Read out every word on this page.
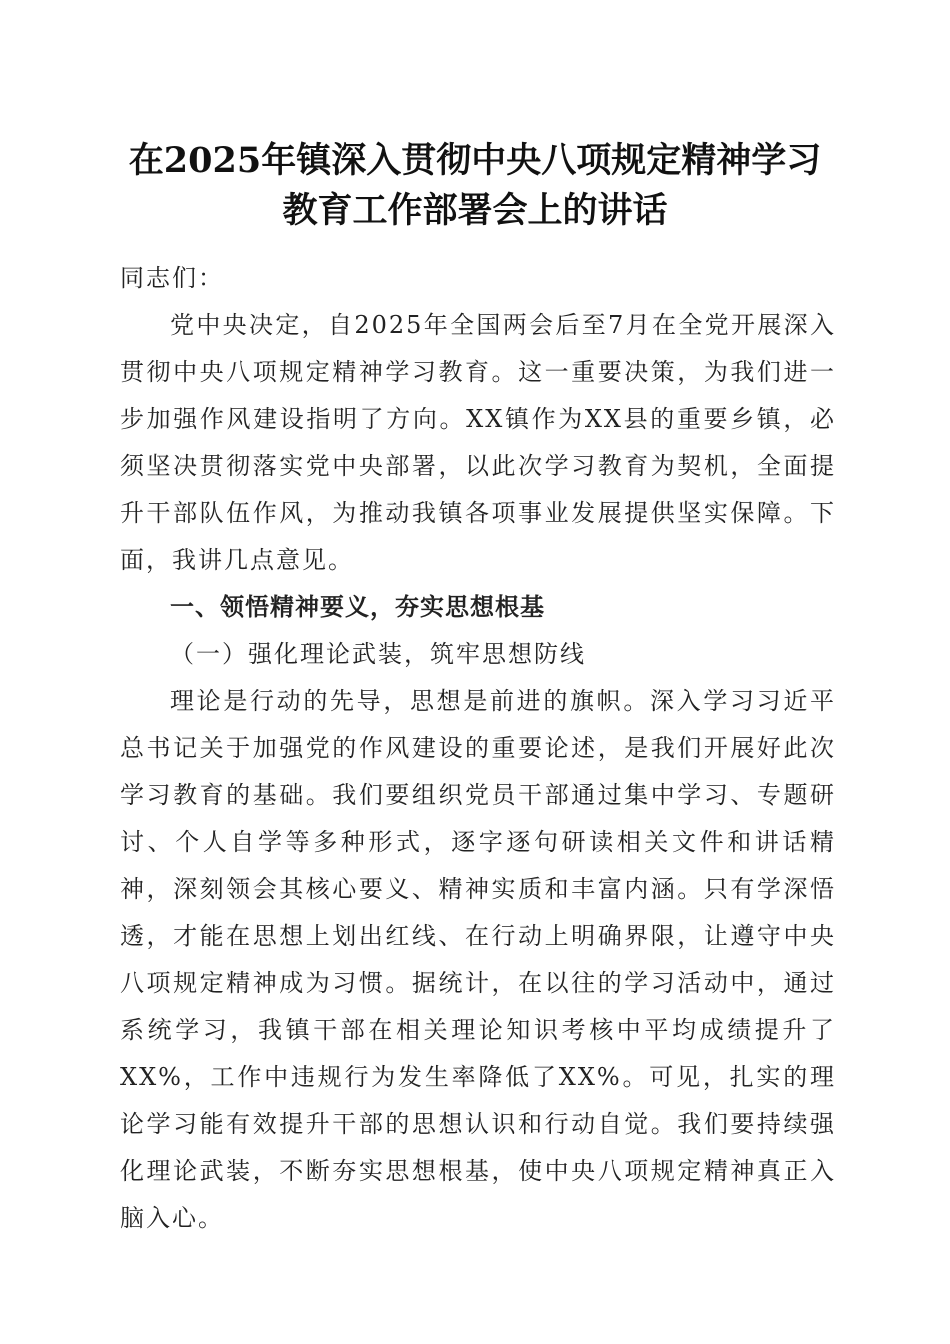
在2025年镇深入贯彻中央八项规定精神学习
教育工作部署会上的讲话

同志们：

党中央决定，自2025年全国两会后至7月在全党开展深入贯彻中央八项规定精神学习教育。这一重要决策，为我们进一步加强作风建设指明了方向。XX镇作为XX县的重要乡镇，必须坚决贯彻落实党中央部署，以此次学习教育为契机，全面提升干部队伍作风，为推动我镇各项事业发展提供坚实保障。下面，我讲几点意见。

一、领悟精神要义，夯实思想根基

（一）强化理论武装，筑牢思想防线

理论是行动的先导，思想是前进的旗帜。深入学习习近平总书记关于加强党的作风建设的重要论述，是我们开展好此次学习教育的基础。我们要组织党员干部通过集中学习、专题研讨、个人自学等多种形式，逐字逐句研读相关文件和讲话精神，深刻领会其核心要义、精神实质和丰富内涵。只有学深悟透，才能在思想上划出红线、在行动上明确界限，让遵守中央八项规定精神成为习惯。据统计，在以往的学习活动中，通过系统学习，我镇干部在相关理论知识考核中平均成绩提升了XX%，工作中违规行为发生率降低了XX%。可见，扎实的理论学习能有效提升干部的思想认识和行动自觉。我们要持续强化理论武装，不断夯实思想根基，使中央八项规定精神真正入脑入心。
